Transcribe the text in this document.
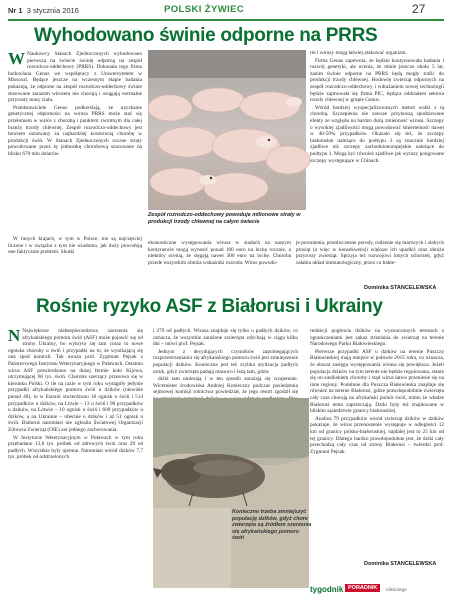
Nr 1 3 stycznia 2016	POLSKI ŻYWIEC	27
Wyhodowano świnie odporne na PRRS

W Naukowcy Stanach Zjednoczonych wyhodowano pierwszą na świecie świnię odporną na zespół rozrodczo-oddechowy (PRRS). Dokonała tego firma hodowlana Genus we współpracy z Uniwersytetem w Missouri. Będące jeszcze na wczesnym etapie badania pokazują, że odporne na zespół rozrodczo-oddechowy świnie stosowane zarazem wirusem nie chorują i osiągają normalne przyrosty masy ciała.

Przedstawiciele Genus podkreślają, że uzyskanie genetycznej odporności na wirusa PRRS może stać się przełomem w walce z chorobą i punktem zwrotnym dla całej branży trzody chlewnej. Zespół rozrodczo-oddechowy jest bowiem uznawany za najbardziej kosztowną chorobę w produkcji świń. W Stanach Zjednoczonych roczne straty powodowane przez tę jednostkę chorobową szacowane na blisko 670 mln dolarów.

W innych krajach, w tym w Polsce, nie są najczęściej liczone i w związku z tym nie wiadomo, jak duży powodują one faktycznie problem. Skutki

Zespół rozrodczo-oddechowy powoduje milionowe straty w produkcji trzody chlewnej na całym świecie

ekonomiczne występowania wirusa w stadach na naszym kontynencie mogą wynosić ponad 100 euro na lochę rocznie, a niektóry ocenią, że sięgają nawet 300 euro na lochę. Choroba przede wszystkim obniża wskaźniki rozrodu. Wirus powodu-

je poronienia, przedwczesne porody, rodzenie się martwych i słabych prosiąt (a więc w konsekwencji większe ich upadki) oraz obniża przyrosty zwierząt. Sprzyja też rozwojowi innych schorzeń, gdyż osłabia układ immunologiczny, przez co bakte-

rie i wirusy mogą łatwiej atakować organizm.

Firma Genus zapewnia, że będzie kontynuowała badania i rozwój genetyki, ale ocenia, że minie jeszcze około 5 lat, zanim świnie odporne na PRRS będą mogły trafić do produkcji trzody chlewnej. Hodowlę zwierząt odpornych na zespół rozrodczo-oddechowy i wdrażaniem nowej technologii będzie zajmowała się firma PIC, będąca oddziałem sektora trzody chlewnej w grupie Genus.

Wśród bardziej wyspecjalizowanych metod walki z tą chorobą. Szczepienia nie zawsze przynoszą spodziewane efekty ze względu na bardzo dużą zmienność wirusa. Szczepy o wysokiej zjadliwości mogą powodować śmiertelność nawet w 40-50% przypadków. Okazało się też, że szczepy białoruskie należące do podtypu 3 są znacznie bardziej zjadliwe niż szczepy zachodnioeuropejskie należące do podtypu 1. Mogą być również zjadliwe jak wyrazy pongowane szczepy występujące w Chinach.

Dominika STANCELEWSKA
Rośnie ryzyko ASF z Białorusi i Ukrainy

N Najwiękrsze niebezpieczeństwo szerzenia się afrykańskiego pomoru świń (ASF) może pojawić się od strony Ukrainy, bo wykryto się tam coraz to nowe ogniska choroby u świń i przypadki na to, że wynikającą się ona spod kontroli. Tak uważa prof. Zygmunt Pejsak z Państwowego Instytutu Weterynaryjnego w Puławach. Ostatnio wirus ASF potwierdzono na dużej fermie koło Kijowa, utrzymującej 60 tys. świń. Choroba szerzący przesuwa się w kierunku Polski. O ile na razie w tym roku wystąpiły jedynie przypadki afrykańskiego pomoru świń u dzików (niewiele ponad 40), to w Estonii stwierdzono 18 ognisk u świń i 514 przypadków u dzików, na Litwie – 13 u świń i 90 przypadków u dzików, na Łotwie – 10 ognisk u świń i 609 przypadków u dzików, a na Ukrainie – obecnie u dzików i aż 51 ognisk u świń. Białoruś natomiast nie zgłosiła Światowej Organizacji Zdrowia Zwierząt (OIE) ani jednego zachorowania.

W Instytucie Weterynaryjnym w Puławach w tym roku przebadano 13,8 tys. próbek od zdrowych świń oraz 29 od padłych. Wszystkie były ujemne. Natomiast wśród dzików 7,7 tys. próbek od odstrzelonych

i 279 od padłych. Wirusa znajduje się tylko u padłych dzików, co oznacza, że wszystkie zarażone zwierzęta zdychają w ciągu kilku dni – mówi prof. Pejsak.

Jednym z decydujących czynników zapobiegających rozprzestrzenianiu się afrykańskiego pomoru świń jest zmniejszenie populacji dzików. Konieczna jest też szybka utylizacja padłych sztuk, gdyż zwierzęta padają masowo i leżą tam, gdzie

dziki tam umierają i w ten sposób zarażają się wzajemnie. Wicemister środowiska Andrzej Konieczny podczas posiedzenia sejmowej komisji rolnictwa powiedział, że jego resort zgodził się

Konieczne trzeba zmniejszyć populację dzików, gdyż chore zwierzęta są źródłem szerzenia się afrykańskiego pomoru świń

redukcji pogłowia dzików na wyznaczonych terenach z ograniczeniami jest zakaz strzelania do zwierząt na terenie Narodowego Parku Białowieskiego.

Pierwsze przypadki ASF u dzików na terenie Puszczy Białowieskiej mają miejsce w połowie 2015 roku, co oznacza, że obszar zasięgu występowania wirusa się powiększa. Jeżeli populacja dzików na tym terenie nie będzie regulowana, stanie się on siedliskiem choroby i stąd wirus łatwo przeniesie się na inne regiony. Podobnie dla Puszcza Białowieska znajduje się również na terenie Białorusi, gdzie prawdopodobnie zwierzęta cały czas chorują na afrykański pomór świń, mimo że władze Białorusi temu zaprzeczają. Dziki były też znajdowane w bliskim sąsiedztwie granicy białoruskiej.

Analiza 79 przypadków wśród zwierząt dzików w dzików pokazuje, że wirus przenoszenie występuje w odległości 12 km od granicy polsko-białoruskiej, najdalej jest to 25 km od tej granicy. Dlatego bardzo prawdopodobne jest, że dziki cały przechodzą cały czas od strony Białorusi – twierdzi prof. Zygmunt Pejsak.

Dominika STANCELEWSKA
tygodnik PORADNIK	rolniczego
